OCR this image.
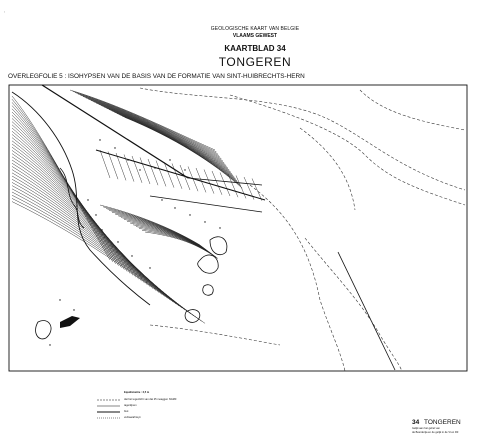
,
GEOLOGISCHE KAART VAN BELGIE
VLAAMS GEWEST
KAARTBLAD 34
TONGEREN
OVERLEGFOLIE 5 : ISOHYPSEN VAN DE BASIS VAN DE FORMATIE VAN SINT-HUIBRECHTS-HERN
Equidistantie : 2,5 m
dat het tegenlicht van dat 25 meaggen NGM0
tagenlijnen
fout
verbaarafrreyn
34 TONGEREN
Gelijk aan het gehel van
de Boerderija en de gelijk in de Vl en R3
